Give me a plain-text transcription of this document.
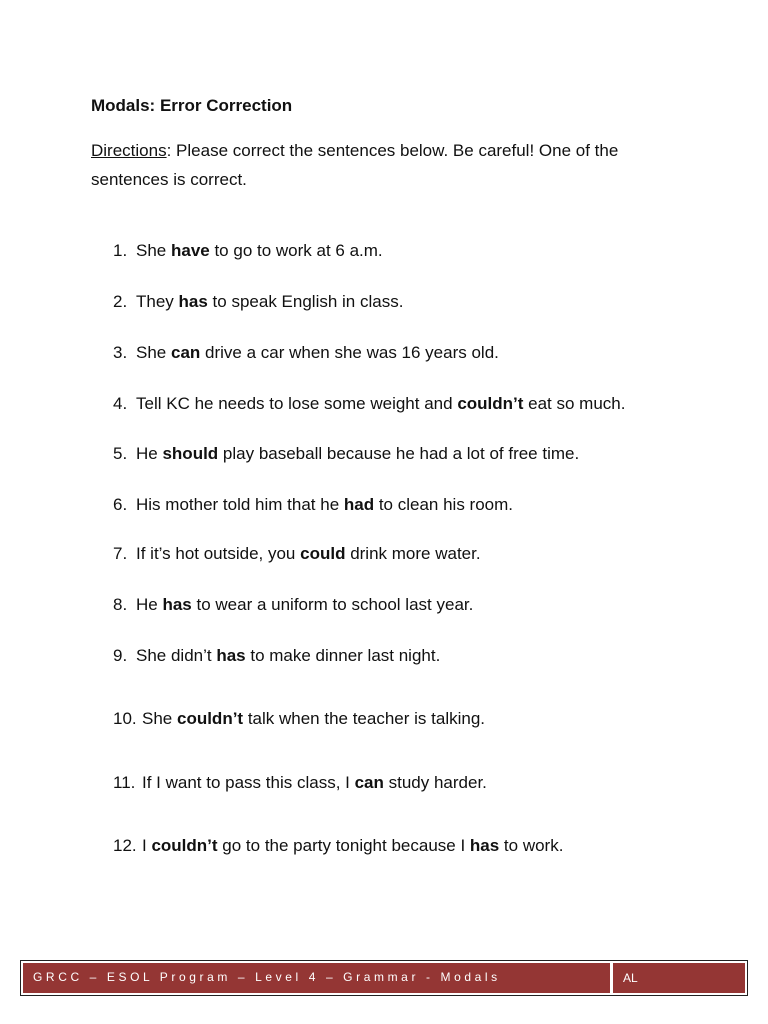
Modals: Error Correction

Directions: Please correct the sentences below. Be careful! One of the sentences is correct.

1. She have to go to work at 6 a.m.
2. They has to speak English in class.
3. She can drive a car when she was 16 years old.
4. Tell KC he needs to lose some weight and couldn’t eat so much.
5. He should play baseball because he had a lot of free time.
6. His mother told him that he had to clean his room.
7. If it’s hot outside, you could drink more water.
8. He has to wear a uniform to school last year.
9. She didn’t has to make dinner last night.
10. She couldn’t talk when the teacher is talking.
11. If I want to pass this class, I can study harder.
12. I couldn’t go to the party tonight because I has to work.
GRCC – ESOL Program – Level 4 – Grammar - Modals	AL
